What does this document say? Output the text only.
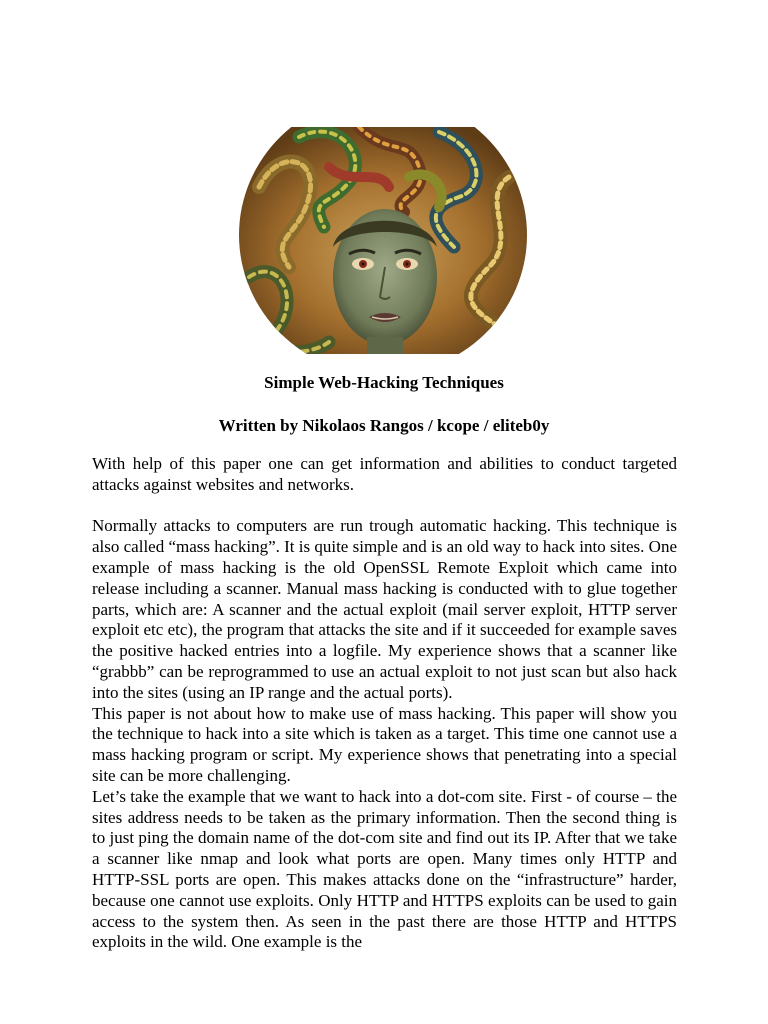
Simple Web-Hacking Techniques
Written by Nikolaos Rangos / kcope / eliteb0y

With help of this paper one can get information and abilities to conduct targeted attacks against websites and networks.

Normally attacks to computers are run trough automatic hacking. This technique is also called “mass hacking”. It is quite simple and is an old way to hack into sites. One example of mass hacking is the old OpenSSL Remote Exploit which came into release including a scanner. Manual mass hacking is conducted with to glue together parts, which are: A scanner and the actual exploit (mail server exploit, HTTP server exploit etc etc), the program that attacks the site and if it succeeded for example saves the positive hacked entries into a logfile. My experience shows that a scanner like “grabbb” can be reprogrammed to use an actual exploit to not just scan but also hack into the sites (using an IP range and the actual ports).

This paper is not about how to make use of mass hacking. This paper will show you the technique to hack into a site which is taken as a target. This time one cannot use a mass hacking program or script. My experience shows that penetrating into a special site can be more challenging.

Let’s take the example that we want to hack into a dot-com site. First - of course – the sites address needs to be taken as the primary information. Then the second thing is to just ping the domain name of the dot-com site and find out its IP. After that we take a scanner like nmap and look what ports are open. Many times only HTTP and HTTP-SSL ports are open. This makes attacks done on the “infrastructure” harder, because one cannot use exploits. Only HTTP and HTTPS exploits can be used to gain access to the system then. As seen in the past there are those HTTP and HTTPS exploits in the wild. One example is the
